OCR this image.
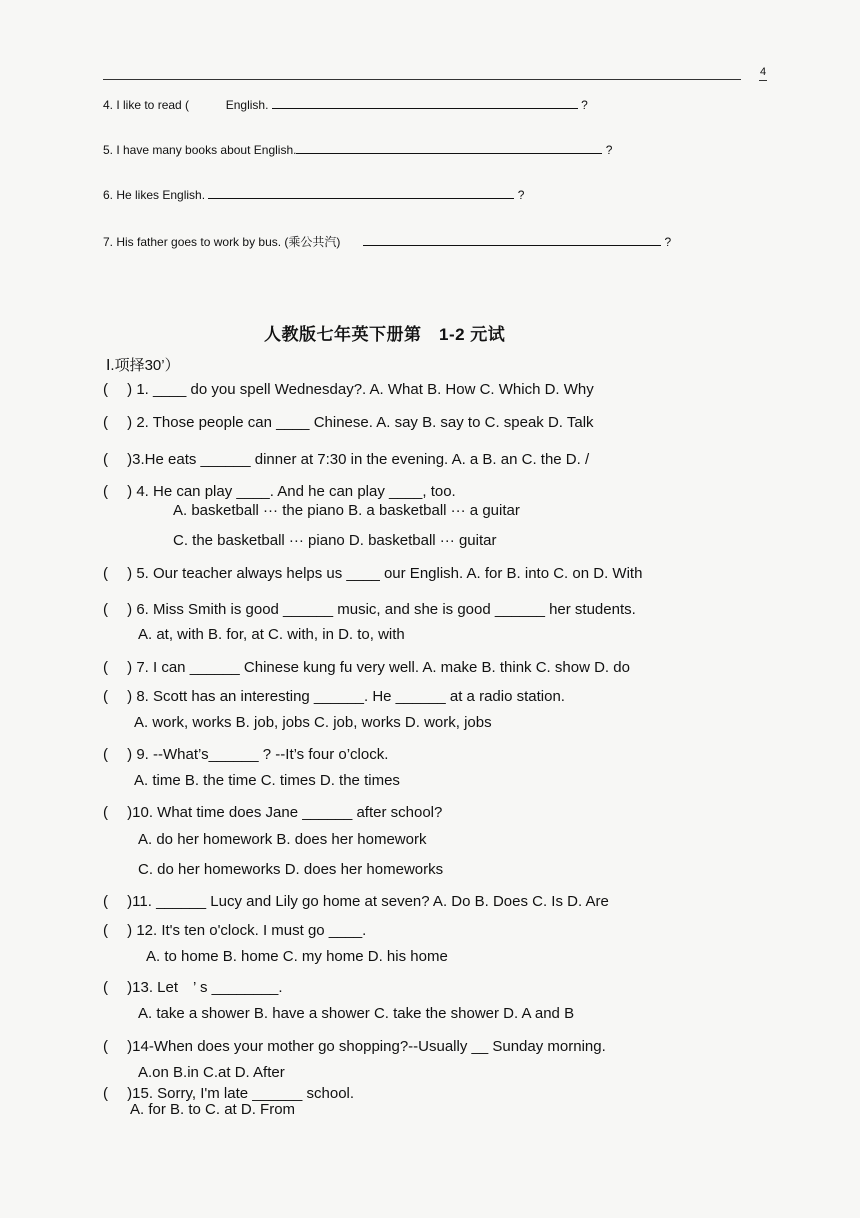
4
4. I like to read (	English.	?
5. I have many books about English.	?
6. He likes English.	?
7. His father goes to work by bus. (乘公共汽)	?
人教版七年英下册第　1-2 元试
Ⅰ.项择30’）
(　 ) 1. ____ do you spell Wednesday?. A. What B. How C. Which D. Why
(　 ) 2. Those people can ____ Chinese. A. say B. say to C. speak D. Talk
(　 )3.He eats ______ dinner at 7:30 in the evening. A. a B. an C. the D. /
(　 ) 4. He can play ____. And he can play ____, too.
A. basketball ··· the piano B. a basketball ··· a guitar
C. the basketball ··· piano D. basketball ··· guitar
(　 ) 5. Our teacher always helps us ____ our English. A. for B. into C. on D. With
(　 ) 6. Miss Smith is good ______ music, and she is good ______ her students.
A. at, with B. for, at C. with, in D. to, with
(　 ) 7. I can ______ Chinese kung fu very well. A. make B. think C. show D. do
(　 ) 8. Scott has an interesting ______. He ______ at a radio station.
A. work, works B. job, jobs C. job, works D. work, jobs
(　 ) 9. --What’s______ ? --It’s four o’clock.
A. time B. the time C. times D. the times
(　 )10. What time does Jane ______ after school?
A. do her homework B. does her homework
C. do her homeworks D. does her homeworks
(　 )11. ______ Lucy and Lily go home at seven? A. Do B. Does C. Is D. Are
(　 ) 12. It's ten o'clock. I must go ____.
A. to home B. home C. my home D. his home
(　 )13. Let　’ s ________.
A. take a shower B. have a shower C. take the shower D. A and B
(　 )14-When does your mother go shopping?--Usually __ Sunday morning.
A.on B.in C.at D. After
(　 )15. Sorry, I'm late ______ school.
A. for B. to C. at D. From
